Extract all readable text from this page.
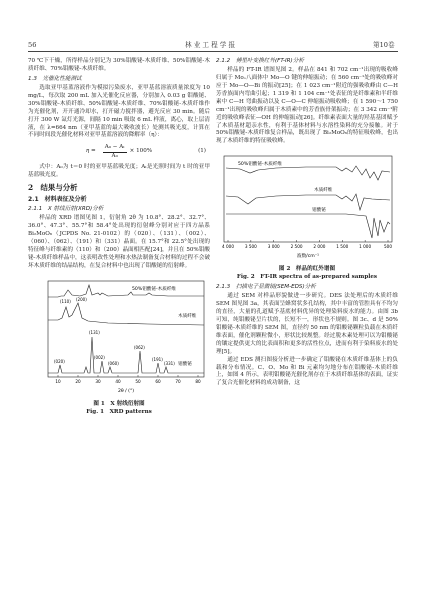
56	林 业 工 程 学 报	第10卷

70 ℃下干燥，所得样品分别记为 30%钼酸铋-木质纤维、50%钼酸铋-木质纤维、70%钼酸铋-木质纤维。

1.3　光催化性能测试

选取亚甲基蓝溶液作为模拟污染废水，亚甲基蓝溶液质量浓度为 10 mg/L，每次取 200 mL 加入光催化反应器，分别加入 0.03 g 钼酸铋、30%钼酸铋-木质纤维、50%钼酸铋-木质纤维、70%钼酸铋-木质纤维作为光催化剂，开开通冷却水，打开磁力搅拌器，避光反应 30 min。随后打开 300 W 氙灯光源，间隔 10 min 吸取 6 mL 样液，离心，取上层清液，在 λ=664 nm（亚甲基蓝的最大吸收波长）处测其吸光度，计算在不同时间段光催化材料对亚甲基蓝溶液的降解率（η）：

$\eta = \frac{\text{A₀ − Aₜ}}{\text{A₀}} \times 100\%$	(1)

式中：A₀为 t＝0 时的亚甲基蓝吸光度；Aₜ是光照时间为 t 时的亚甲基蓝吸光度。

2　结果与分析
2.1　材料表征及分析
2.1.1　X 射线衍射(XRD)分析

样品的 XRD 谱图见图 1，衍射角 2θ 为 10.8°、28.2°、32.7°、36.0°、47.3°、55.7°和 58.4°处出现的衍射峰分别对应于四方晶系 Bi₂MoO₆（JCPDS No. 21-0102）的（020）、（131）、（002）、（060）、（062）、（191）和（331）晶面。在 15.7°和 22.5°处出现的特征峰与纤维素的（110）和（200）晶面相匹配[24]，并且在 50%钼酸铋-木质纤维样品中，这表明改性处理和水热法制备复合材料的过程不会破坏木质纤维的结晶结构，在复合材料中也出现了钼酸铋的衍射峰。

50%钼酸铋-木质纤维
木质纤维
钼酸铋
(110) (200)
(131)
(020)
(002)
(060)
(062)
(191)
(331)
10	20	30	40	50	60	70	80
2θ / (°)
图 1　X 射线衍射图
Fig. 1　XRD patterns
2.1.2　傅里叶变换红外(FT-IR)分析

样品的 FT-IR 谱图见图 2。样品在 841 和 702 cm⁻¹出现的吸收峰归属于 Moₒ八面体中 Mo—O 键的伸缩振动；在 560 cm⁻¹处的吸收峰对应于 Mo—O—Bi 的振动[25]；在 1 023 cm⁻¹附近的强吸收峰由 C—H 芳香族面内弯曲引起；1 319 和 1 104 cm⁻¹处表征的是纤维素和半纤维素中 C—H 弯曲振动以及 C—O—C 伸缩振动吸收峰；在 1 590～1 750 cm⁻¹出现的吸收峰归属于木质素中的芳香族骨架振动；在 3 342 cm⁻¹附近的吸收峰表征—OH 的伸缩振动[26]。纤维素表面大量的羟基基团赋予了木质基材超亲水性，有利于基体材料与水溶性染料的充分接触。对于 50%钼酸铋-木质纤维复合样品，既出现了 Bi₂MoO₆的特征吸收峰，也出现了木质纤维的特征吸收峰。

50%钼酸铋-木质纤维
木质纤维
钼酸铋
4 000	3 500	3 000	2 500	2 000	1 500	1 000	500
波数/cm⁻¹
图 2　样品的红外谱图
Fig. 2　FT-IR spectra of as-prepared samples
2.1.3　扫描电子显微镜(SEM-EDS)分析

通过 SEM 对样品形貌做进一步研究。DES 法处理后的木质纤维 SEM 图见图 3a，其表面呈蜂窝状多孔结构，其中丰富的管腔具有不均匀的直径，大量的孔道赋予基底材料优异的处理染料废水的能力。由图 3b 可知，纯钼酸铋呈片状的，长短不一，形状也不规则。图 3c、d 是 50%钼酸铋-木质纤维的 SEM 图，直径约 50 nm 的钼酸铋颗粒负载在木质纤维表面，催化剂颗粒微小，形状比较规整。经过脱木素处理可以为钼酸铋的镶定提供更大的比表面积和更多的活性位点，进而有利于染料废水的处理[5]。

通过 EDS 测扫图接分析进一步确定了钼酸铋在木质纤维基体上的负载和分布情况。C、O、Mo 和 Bi 元素均匀地分布在钼酸铋-木质纤维上，如图 4 所示，表明钼酸铋光催化剂存在于木质纤维基体的表面，证实了复合光催化材料的成功制备，这
